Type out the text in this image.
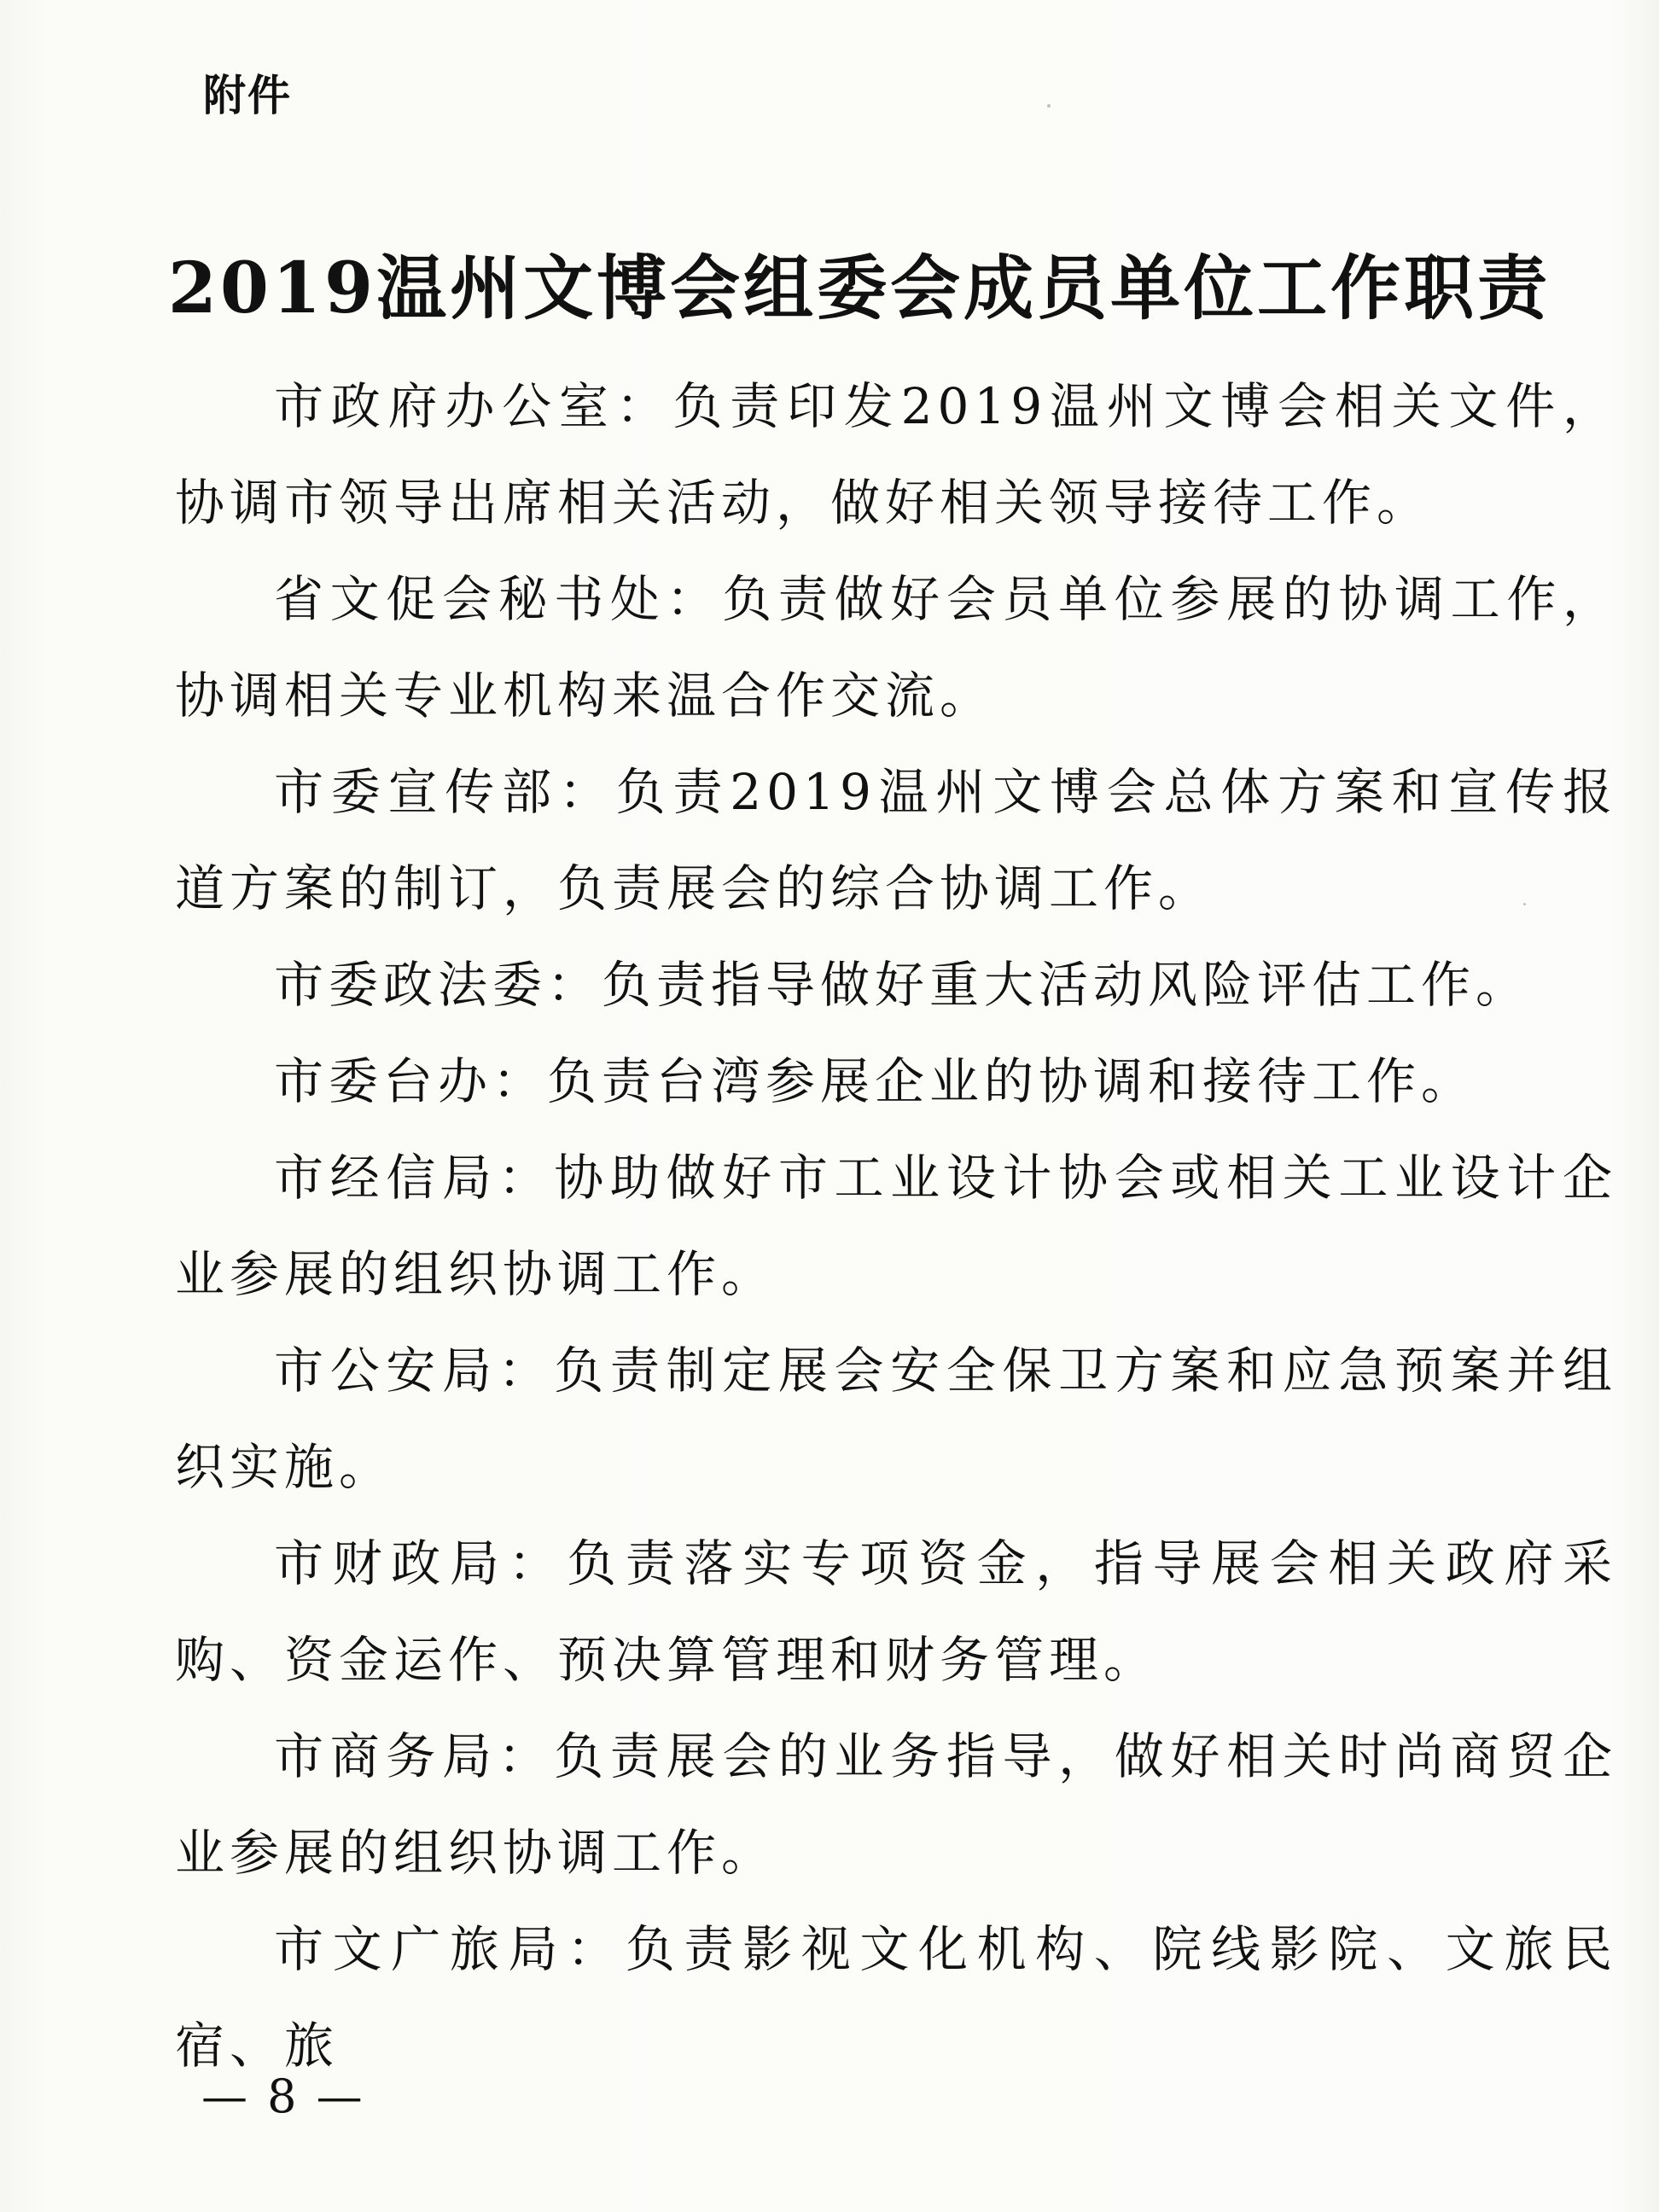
附件
2019温州文博会组委会成员单位工作职责

市政府办公室：负责印发2019温州文博会相关文件，协调市领导出席相关活动，做好相关领导接待工作。

省文促会秘书处：负责做好会员单位参展的协调工作，协调相关专业机构来温合作交流。

市委宣传部：负责2019温州文博会总体方案和宣传报道方案的制订，负责展会的综合协调工作。

市委政法委：负责指导做好重大活动风险评估工作。

市委台办：负责台湾参展企业的协调和接待工作。

市经信局：协助做好市工业设计协会或相关工业设计企业参展的组织协调工作。

市公安局：负责制定展会安全保卫方案和应急预案并组织实施。

市财政局：负责落实专项资金，指导展会相关政府采购、资金运作、预决算管理和财务管理。

市商务局：负责展会的业务指导，做好相关时尚商贸企业参展的组织协调工作。

市文广旅局：负责影视文化机构、院线影院、文旅民宿、旅

— 8 —
